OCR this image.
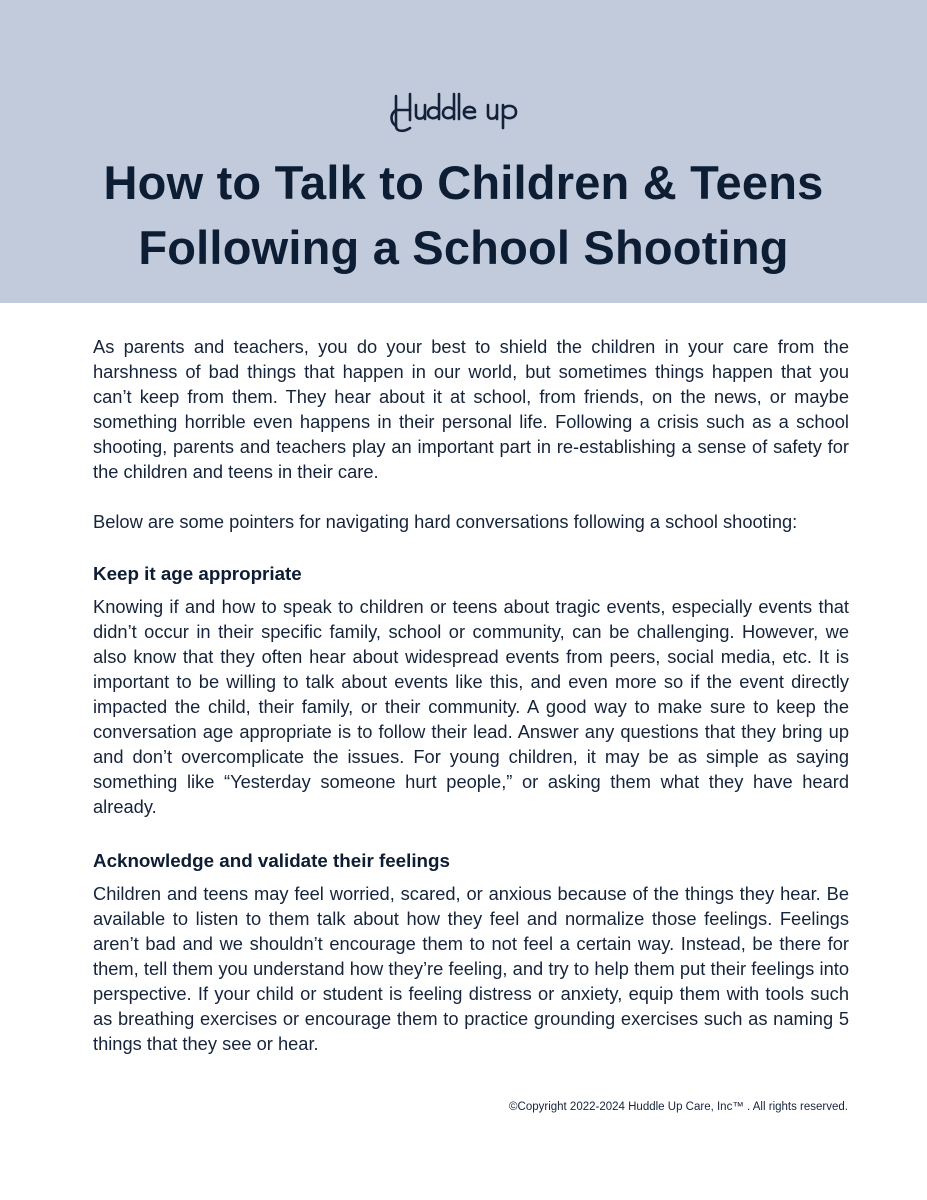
How to Talk to Children & Teens
Following a School Shooting

As parents and teachers, you do your best to shield the children in your care from the harshness of bad things that happen in our world, but sometimes things happen that you can’t keep from them. They hear about it at school, from friends, on the news, or maybe something horrible even happens in their personal life. Following a crisis such as a school shooting, parents and teachers play an important part in re-establishing a sense of safety for the children and teens in their care.

Below are some pointers for navigating hard conversations following a school shooting:

Keep it age appropriate

Knowing if and how to speak to children or teens about tragic events, especially events that didn’t occur in their specific family, school or community, can be challenging. However, we also know that they often hear about widespread events from peers, social media, etc. It is important to be willing to talk about events like this, and even more so if the event directly impacted the child, their family, or their community. A good way to make sure to keep the conversation age appropriate is to follow their lead. Answer any questions that they bring up and don’t overcomplicate the issues. For young children, it may be as simple as saying something like “Yesterday someone hurt people,” or asking them what they have heard already.

Acknowledge and validate their feelings

Children and teens may feel worried, scared, or anxious because of the things they hear. Be available to listen to them talk about how they feel and normalize those feelings. Feelings aren’t bad and we shouldn’t encourage them to not feel a certain way. Instead, be there for them, tell them you understand how they’re feeling, and try to help them put their feelings into perspective. If your child or student is feeling distress or anxiety, equip them with tools such as breathing exercises or encourage them to practice grounding exercises such as naming 5 things that they see or hear.

©Copyright 2022-2024 Huddle Up Care, Inc™ . All rights reserved.
